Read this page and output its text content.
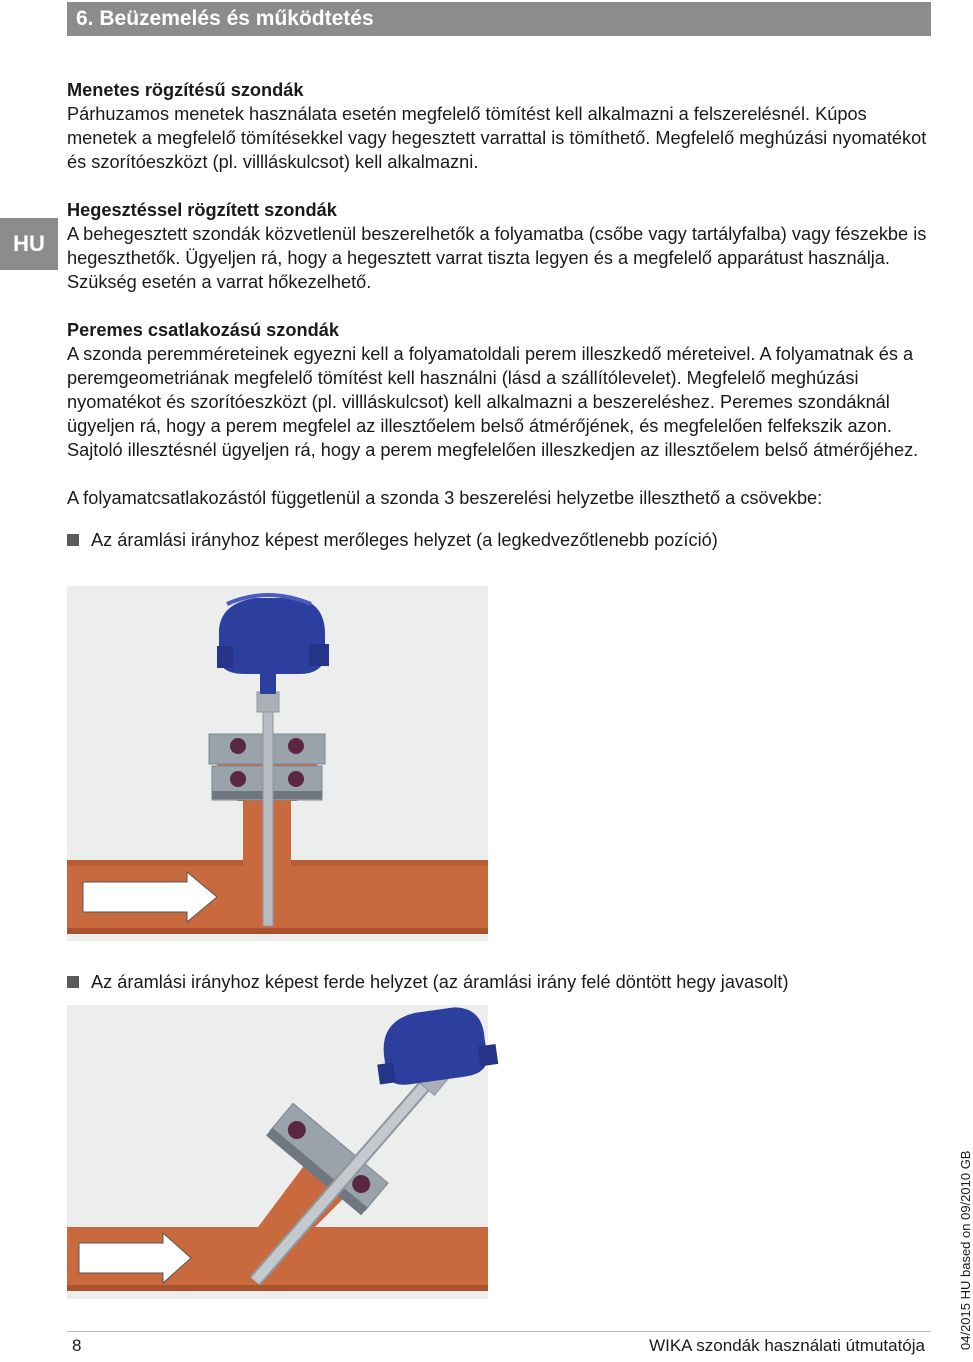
6. Beüzemelés és működtetés
HU
Menetes rögzítésű szondák

Párhuzamos menetek használata esetén megfelelő tömítést kell alkalmazni a felszerelésnél. Kúpos menetek a megfelelő tömítésekkel vagy hegesztett varrattal is tömíthető. Megfelelő meghúzási nyomatékot és szorítóeszközt (pl. villláskulcsot) kell alkalmazni.

Hegesztéssel rögzített szondák

A behegesztett szondák közvetlenül beszerelhetők a folyamatba (csőbe vagy tartályfalba) vagy fészekbe is hegeszthetők. Ügyeljen rá, hogy a hegesztett varrat tiszta legyen és a megfelelő apparátust használja. Szükség esetén a varrat hőkezelhető.

Peremes csatlakozású szondák

A szonda peremméreteinek egyezni kell a folyamatoldali perem illeszkedő méreteivel. A folyamatnak és a peremgeometriának megfelelő tömítést kell használni (lásd a szállítólevelet). Megfelelő meghúzási nyomatékot és szorítóeszközt (pl. villláskulcsot) kell alkalmazni a beszereléshez. Peremes szondáknál ügyeljen rá, hogy a perem megfelel az illesztőelem belső átmérőjének, és megfelelően felfekszik azon. Sajtoló illesztésnél ügyeljen rá, hogy a perem megfelelően illeszkedjen az illesztőelem belső átmérőjéhez.

A folyamatcsatlakozástól függetlenül a szonda 3 beszerelési helyzetbe illeszthető a csövekbe:

Az áramlási irányhoz képest merőleges helyzet (a legkedvezőtlenebb pozíció)
Az áramlási irányhoz képest ferde helyzet (az áramlási irány felé döntött hegy javasolt)
8	WIKA szondák használati útmutatója	04/2015 HU based on 09/2010 GB
